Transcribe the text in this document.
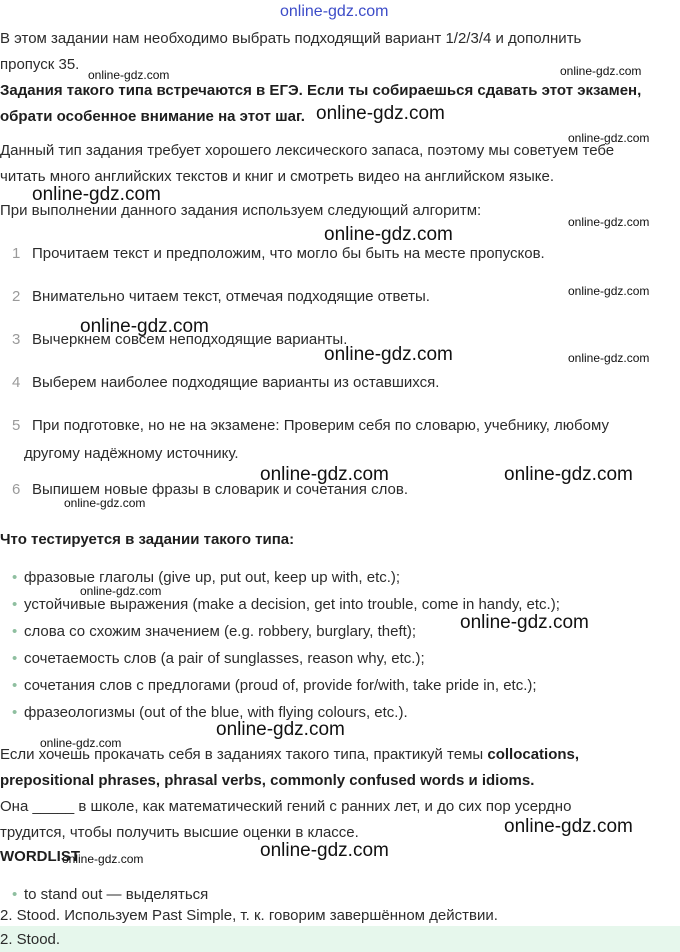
online-gdz.com
В этом задании нам необходимо выбрать подходящий вариант 1/2/3/4 и дополнить
пропуск 35.
Задания такого типа встречаются в ЕГЭ. Если ты собираешься сдавать этот экзамен,
обрати особенное внимание на этот шаг.
Данный тип задания требует хорошего лексического запаса, поэтому мы советуем тебе
читать много английских текстов и книг и смотреть видео на английском языке.
При выполнении данного задания используем следующий алгоритм:
1 Прочитаем текст и предположим, что могло бы быть на месте пропусков.
2 Внимательно читаем текст, отмечая подходящие ответы.
3 Вычеркнем совсем неподходящие варианты.
4 Выберем наиболее подходящие варианты из оставшихся.
5 При подготовке, но не на экзамене: Проверим себя по словарю, учебнику, любому
другому надёжному источнику.
6 Выпишем новые фразы в словарик и сочетания слов.
Что тестируется в задании такого типа:
• фразовые глаголы (give up, put out, keep up with, etc.);
• устойчивые выражения (make a decision, get into trouble, come in handy, etc.);
• слова со схожим значением (e.g. robbery, burglary, theft);
• сочетаемость слов (a pair of sunglasses, reason why, etc.);
• сочетания слов с предлогами (proud of, provide for/with, take pride in, etc.);
• фразеологизмы (out of the blue, with flying colours, etc.).
Если хочешь прокачать себя в заданиях такого типа, практикуй темы collocations,
prepositional phrases, phrasal verbs, commonly confused words и idioms.
Она _____ в школе, как математический гений с ранних лет, и до сих пор усердно
трудится, чтобы получить высшие оценки в классе.
WORDLIST
• to stand out — выделяться
2. Stood. Используем Past Simple, т. к. говорим завершённом действии.
2. Stood.
online-gdz.com	online-gdz.com
online-gdz.com
online-gdz.com
online-gdz.com
online-gdz.com
online-gdz.com
online-gdz.com
online-gdz.com
online-gdz.com
online-gdz.com
online-gdz.com
online-gdz.com
online-gdz.com
online-gdz.com
online-gdz.com	online-gdz.com
online-gdz.com
online-gdz.com
online-gdz.com
online-gdz.com
